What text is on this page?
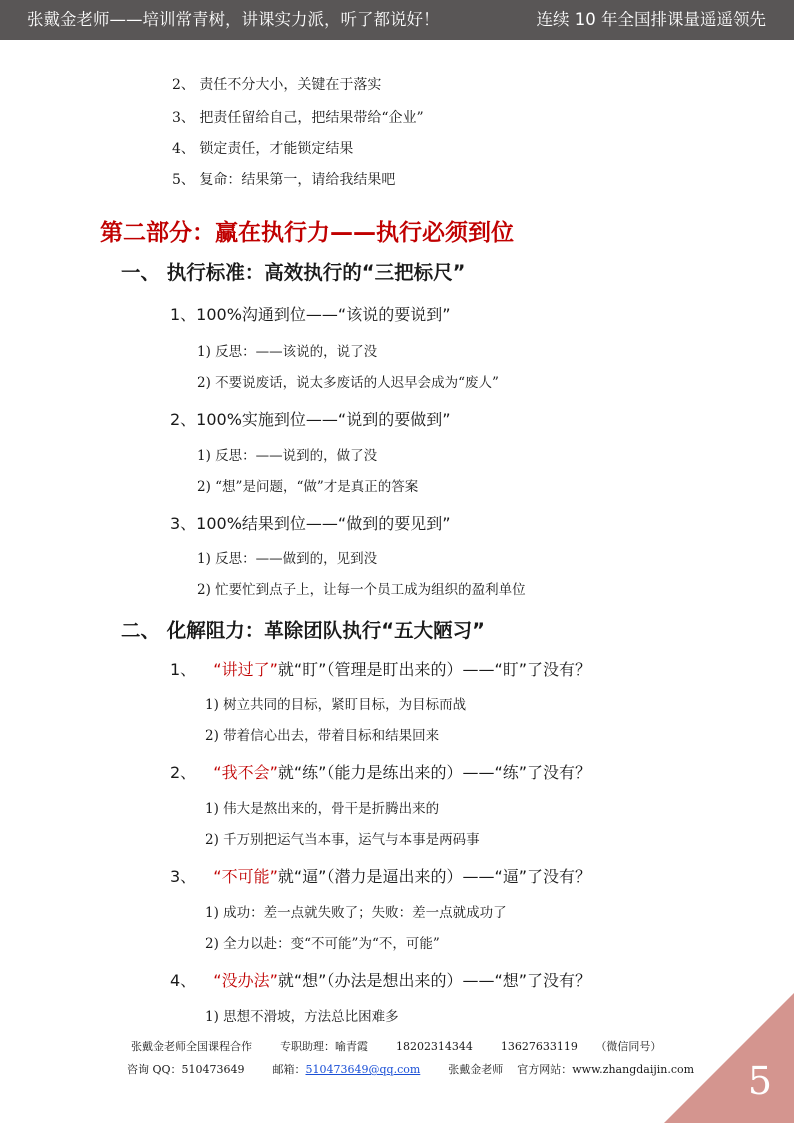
张戴金老师——培训常青树，讲课实力派，听了都说好！	连续 10 年全国排课量遥遥领先
2、 责任不分大小，关键在于落实
3、 把责任留给自己，把结果带给“企业”
4、 锁定责任，才能锁定结果
5、 复命：结果第一，请给我结果吧
第二部分：赢在执行力——执行必须到位
一、 执行标准：高效执行的“三把标尺”
1、100%沟通到位——“该说的要说到”
1) 反思：——该说的，说了没
2) 不要说废话，说太多废话的人迟早会成为“废人”
2、100%实施到位——“说到的要做到”
1) 反思：——说到的，做了没
2) “想”是问题，“做”才是真正的答案
3、100%结果到位——“做到的要见到”
1) 反思：——做到的，见到没
2) 忙要忙到点子上，让每一个员工成为组织的盈利单位
二、 化解阻力：革除团队执行“五大陋习”
1、 “讲过了”就“盯”（管理是盯出来的）——“盯”了没有？
1) 树立共同的目标，紧盯目标，为目标而战
2) 带着信心出去，带着目标和结果回来
2、 “我不会”就“练”（能力是练出来的）——“练”了没有？
1) 伟大是熬出来的，骨干是折腾出来的
2) 千万别把运气当本事，运气与本事是两码事
3、 “不可能”就“逼”（潜力是逼出来的）——“逼”了没有？
1) 成功：差一点就失败了；失败：差一点就成功了
2) 全力以赴：变“不可能”为“不，可能”
4、 “没办法”就“想”（办法是想出来的）——“想”了没有？
1) 思想不滑坡，方法总比困难多
张戴金老师全国课程合作        专职助理：喻青霞        18202314344        13627633119     （微信同号）
咨询 QQ：510473649        邮箱：510473649@qq.com        张戴金老师    官方网站：www.zhangdaijin.com 5
